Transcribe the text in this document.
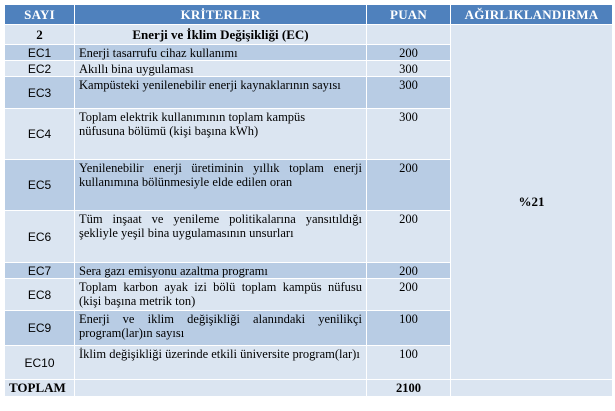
SAYI	KRİTERLER	PUAN	AĞIRLIKLANDIRMA
2	Enerji ve İklim Değişikliği (EC)		%21
EC1	Enerji tasarrufu cihaz kullanımı	200	
EC2	Akıllı bina uygulaması	300	
EC3	Kampüsteki yenilenebilir enerji kaynaklarının sayısı	300	
EC4	Toplam elektrik kullanımının toplam kampüs nüfusuna bölümü (kişi başına kWh)	300	
EC5	Yenilenebilir enerji üretiminin yıllık toplam enerji kullanımına bölünmesiyle elde edilen oran	200	
EC6	Tüm inşaat ve yenileme politikalarına yansıtıldığı şekliyle yeşil bina uygulamasının unsurları	200	
EC7	Sera gazı emisyonu azaltma programı	200	
EC8	Toplam karbon ayak izi bölü toplam kampüs nüfusu (kişi başına metrik ton)	200	
EC9	Enerji ve iklim değişikliği alanındaki yenilikçi program(lar)ın sayısı	100	
EC10	İklim değişikliği üzerinde etkili üniversite program(lar)ı	100	
TOPLAM		2100	
